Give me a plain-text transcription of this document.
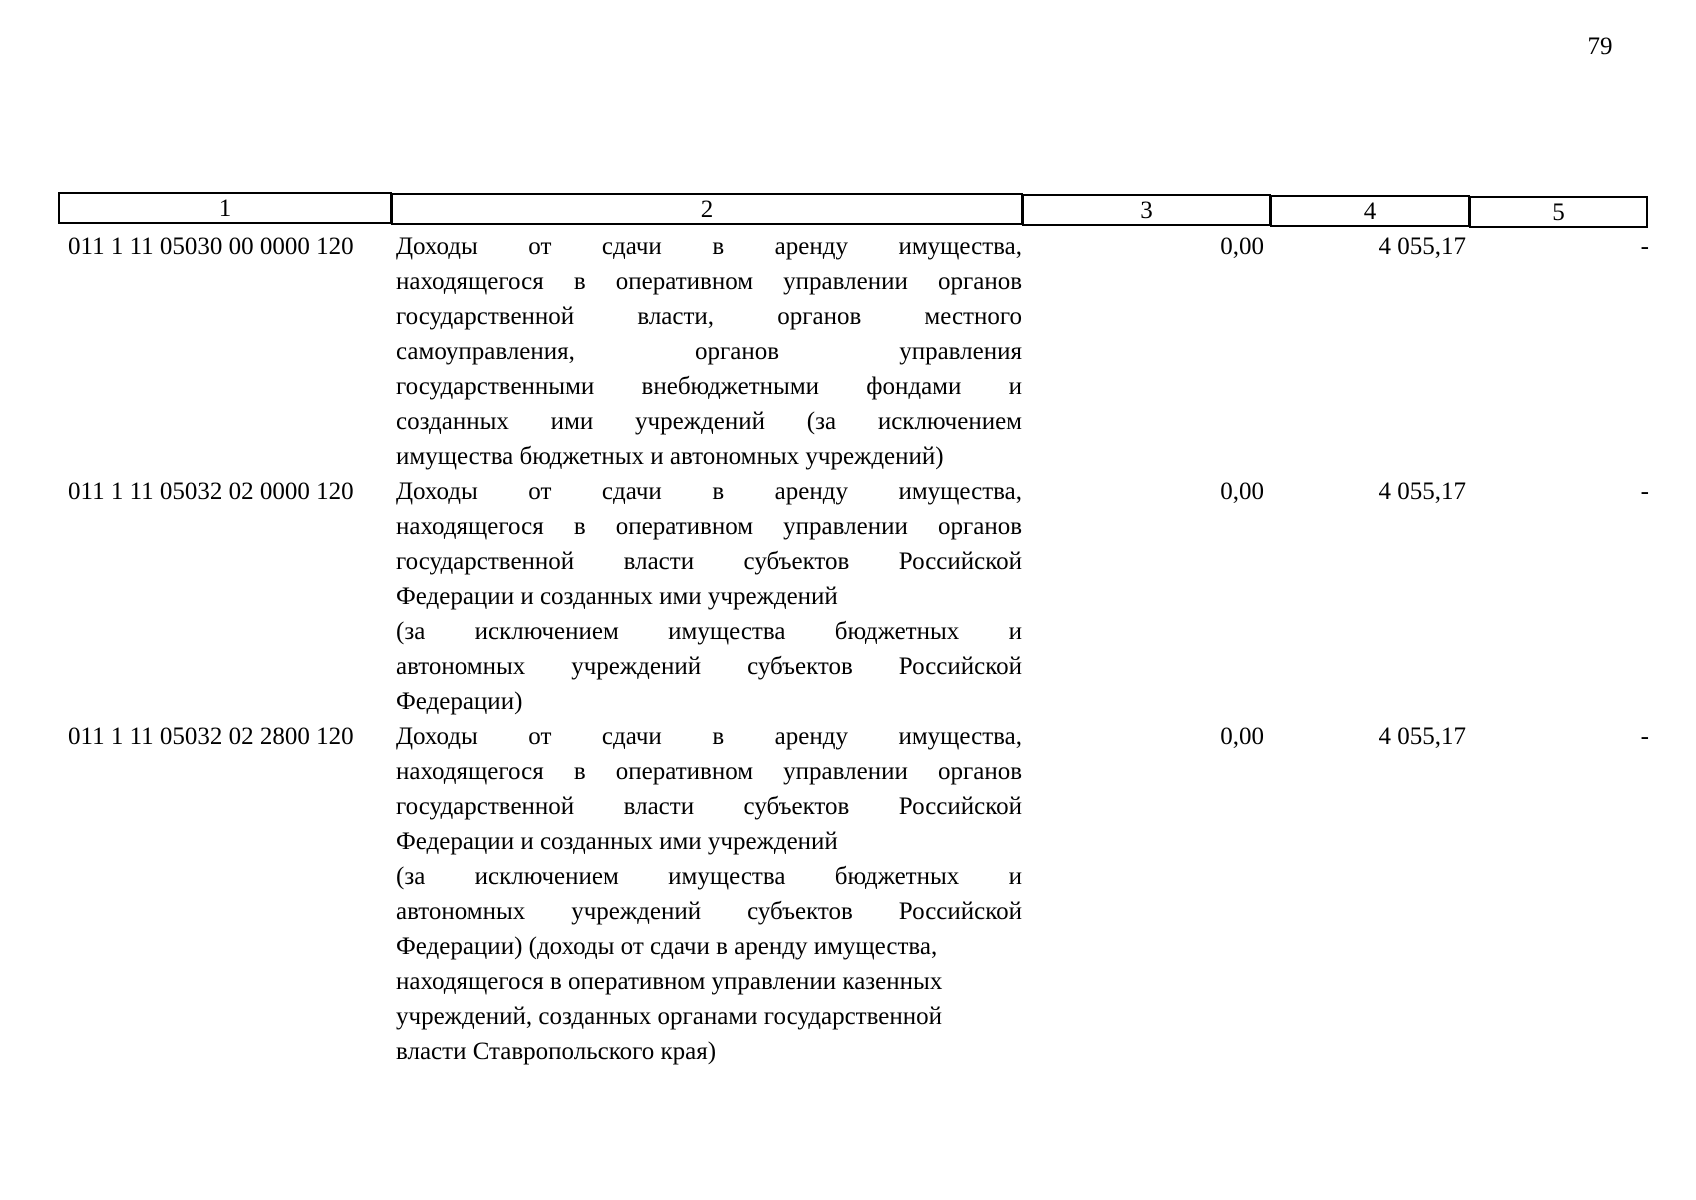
79
1	2	3	4	5
011 1 11 05030 00 0000 120	Доходы от сдачи в аренду имущества,
находящегося в оперативном управлении органов
государственной власти, органов местного
самоуправления, органов управления
государственными внебюджетными фондами и
созданных ими учреждений (за исключением
имущества бюджетных и автономных учреждений)
0,00	4 055,17	-
011 1 11 05032 02 0000 120	Доходы от сдачи в аренду имущества,
находящегося в оперативном управлении органов
государственной власти субъектов Российской
Федерации и созданных ими учреждений
(за исключением имущества бюджетных и
автономных учреждений субъектов Российской
Федерации)
0,00	4 055,17	-
011 1 11 05032 02 2800 120	Доходы от сдачи в аренду имущества,
находящегося в оперативном управлении органов
государственной власти субъектов Российской
Федерации и созданных ими учреждений
(за исключением имущества бюджетных и
автономных учреждений субъектов Российской
Федерации) (доходы от сдачи в аренду имущества,
находящегося в оперативном управлении казенных
учреждений, созданных органами государственной
власти Ставропольского края)
0,00	4 055,17	-
